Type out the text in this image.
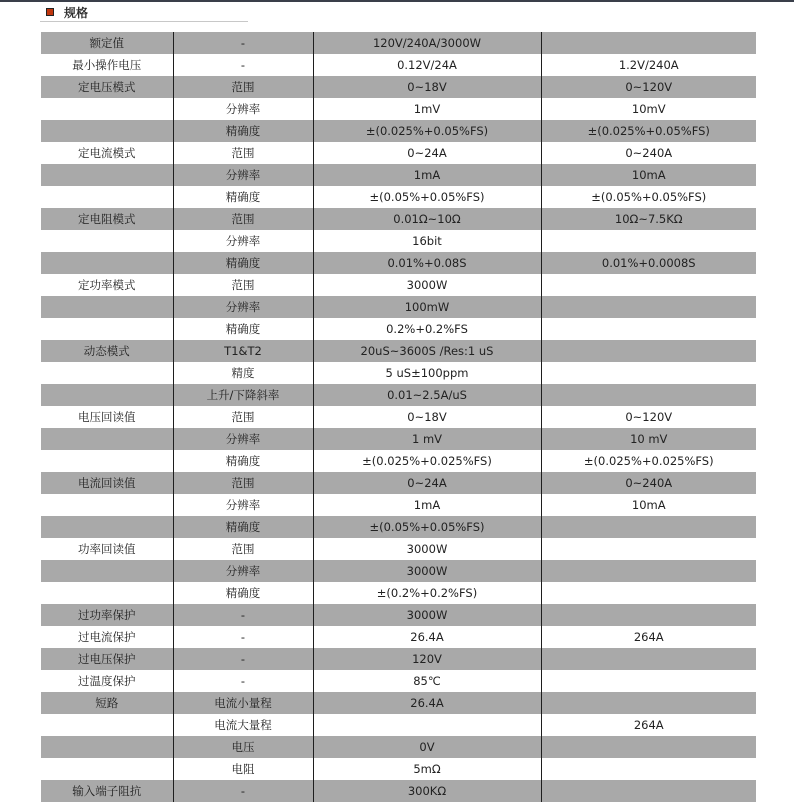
规格
额定值	-	120V/240A/3000W	
最小操作电压	-	0.12V/24A	1.2V/240A
定电压模式	范围	0~18V	0~120V
	分辨率	1mV	10mV
	精确度	±(0.025%+0.05%FS)	±(0.025%+0.05%FS)
定电流模式	范围	0~24A	0~240A
	分辨率	1mA	10mA
	精确度	±(0.05%+0.05%FS)	±(0.05%+0.05%FS)
定电阻模式	范围	0.01Ω~10Ω	10Ω~7.5KΩ
	分辨率	16bit	
	精确度	0.01%+0.08S	0.01%+0.0008S
定功率模式	范围	3000W	
	分辨率	100mW	
	精确度	0.2%+0.2%FS	
动态模式	T1&T2	20uS~3600S /Res:1 uS	
	精度	5 uS±100ppm	
	上升/下降斜率	0.01~2.5A/uS	
电压回读值	范围	0~18V	0~120V
	分辨率	1 mV	10 mV
	精确度	±(0.025%+0.025%FS)	±(0.025%+0.025%FS)
电流回读值	范围	0~24A	0~240A
	分辨率	1mA	10mA
	精确度	±(0.05%+0.05%FS)	
功率回读值	范围	3000W	
	分辨率	3000W	
	精确度	±(0.2%+0.2%FS)	
过功率保护	-	3000W	
过电流保护	-	26.4A	264A
过电压保护	-	120V	
过温度保护	-	85℃	
短路	电流小量程	26.4A	
	电流大量程		264A
	电压	0V	
	电阻	5mΩ	
输入端子阻抗	-	300KΩ	
